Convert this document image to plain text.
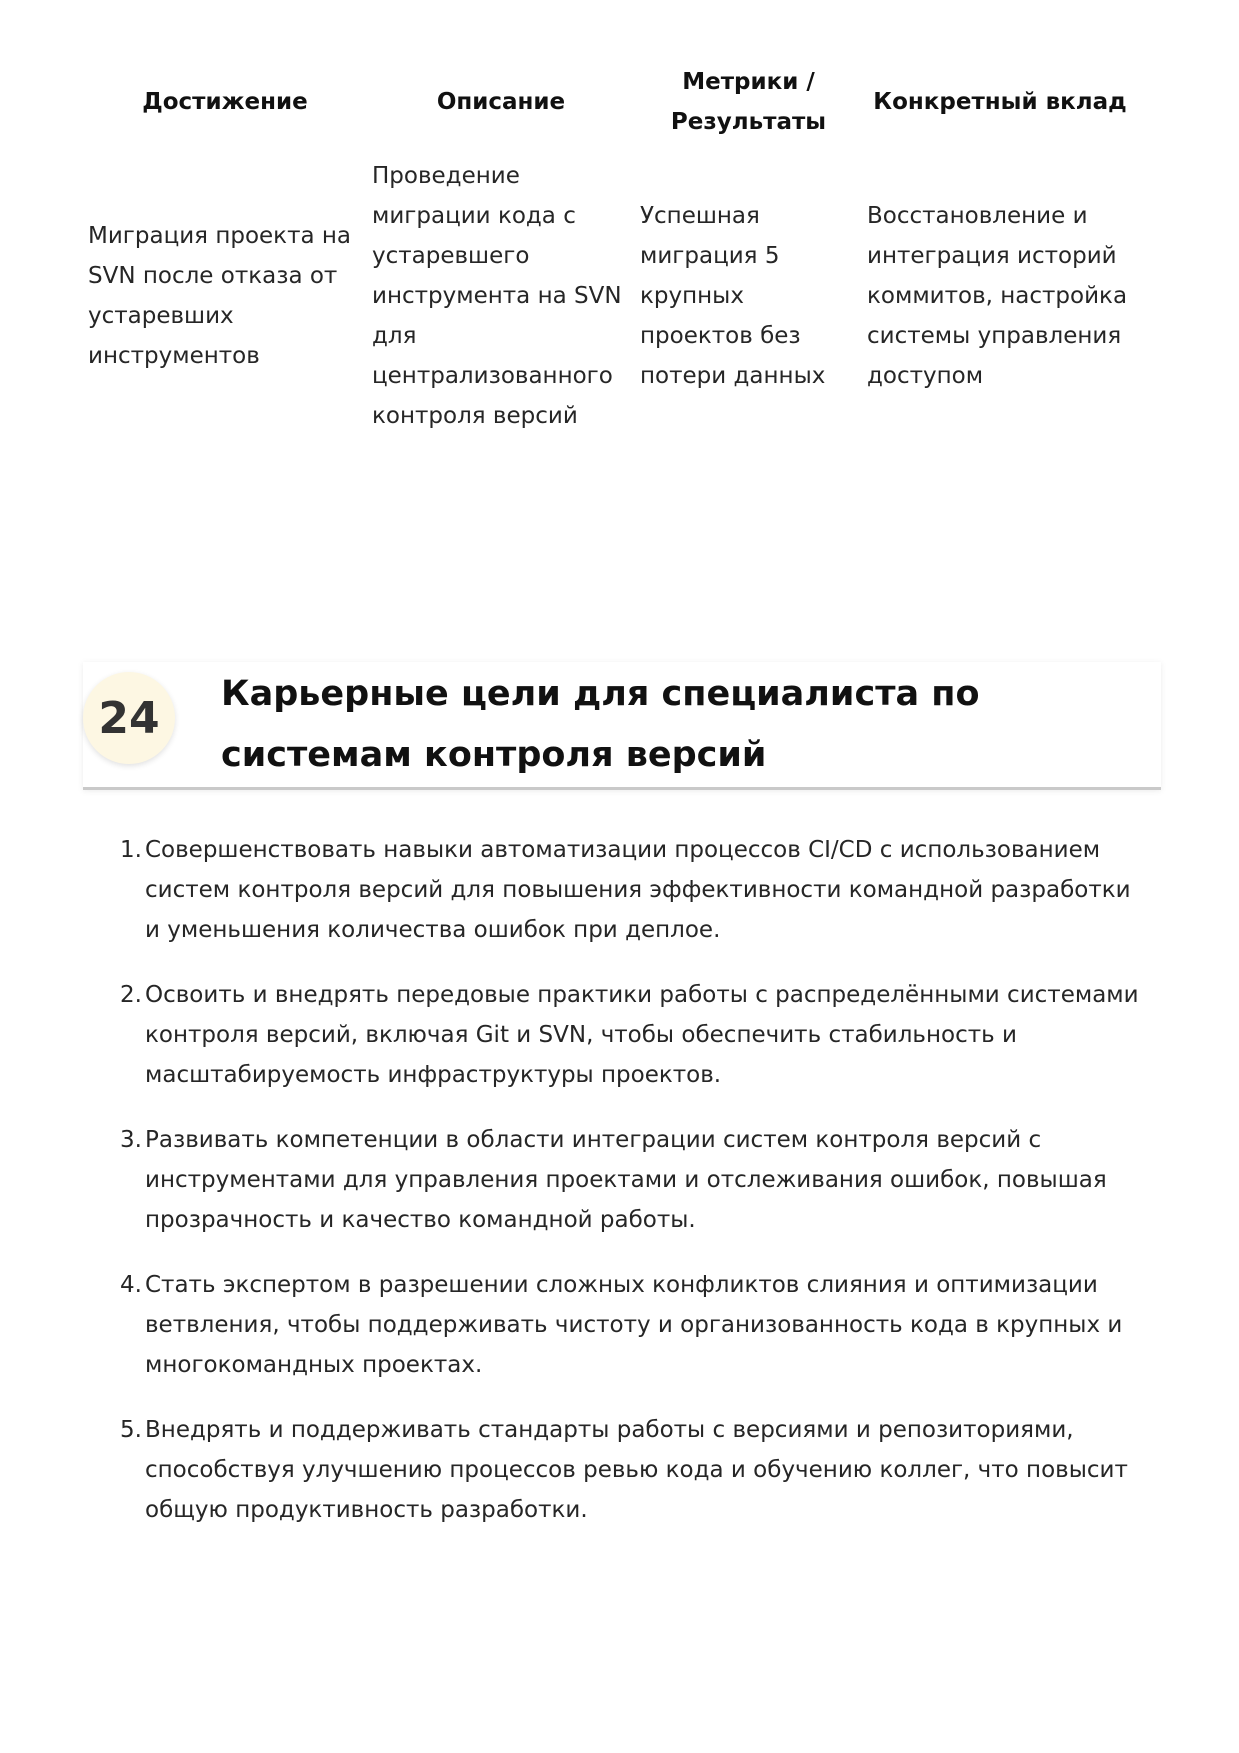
Достижение	Описание	Метрики / Результаты	Конкретный вклад
Миграция проекта на SVN после отказа от устаревших инструментов	Проведение миграции кода с устаревшего инструмента на SVN для централизованного контроля версий	Успешная миграция 5 крупных проектов без потери данных	Восстановление и интеграция историй коммитов, настройка системы управления доступом
24	Карьерные цели для специалиста по системам контроля версий
1. Совершенствовать навыки автоматизации процессов CI/CD с использованием систем контроля версий для повышения эффективности командной разработки и уменьшения количества ошибок при деплое.
2. Освоить и внедрять передовые практики работы с распределёнными системами контроля версий, включая Git и SVN, чтобы обеспечить стабильность и масштабируемость инфраструктуры проектов.
3. Развивать компетенции в области интеграции систем контроля версий с инструментами для управления проектами и отслеживания ошибок, повышая прозрачность и качество командной работы.
4. Стать экспертом в разрешении сложных конфликтов слияния и оптимизации ветвления, чтобы поддерживать чистоту и организованность кода в крупных и многокомандных проектах.
5. Внедрять и поддерживать стандарты работы с версиями и репозиториями, способствуя улучшению процессов ревью кода и обучению коллег, что повысит общую продуктивность разработки.
